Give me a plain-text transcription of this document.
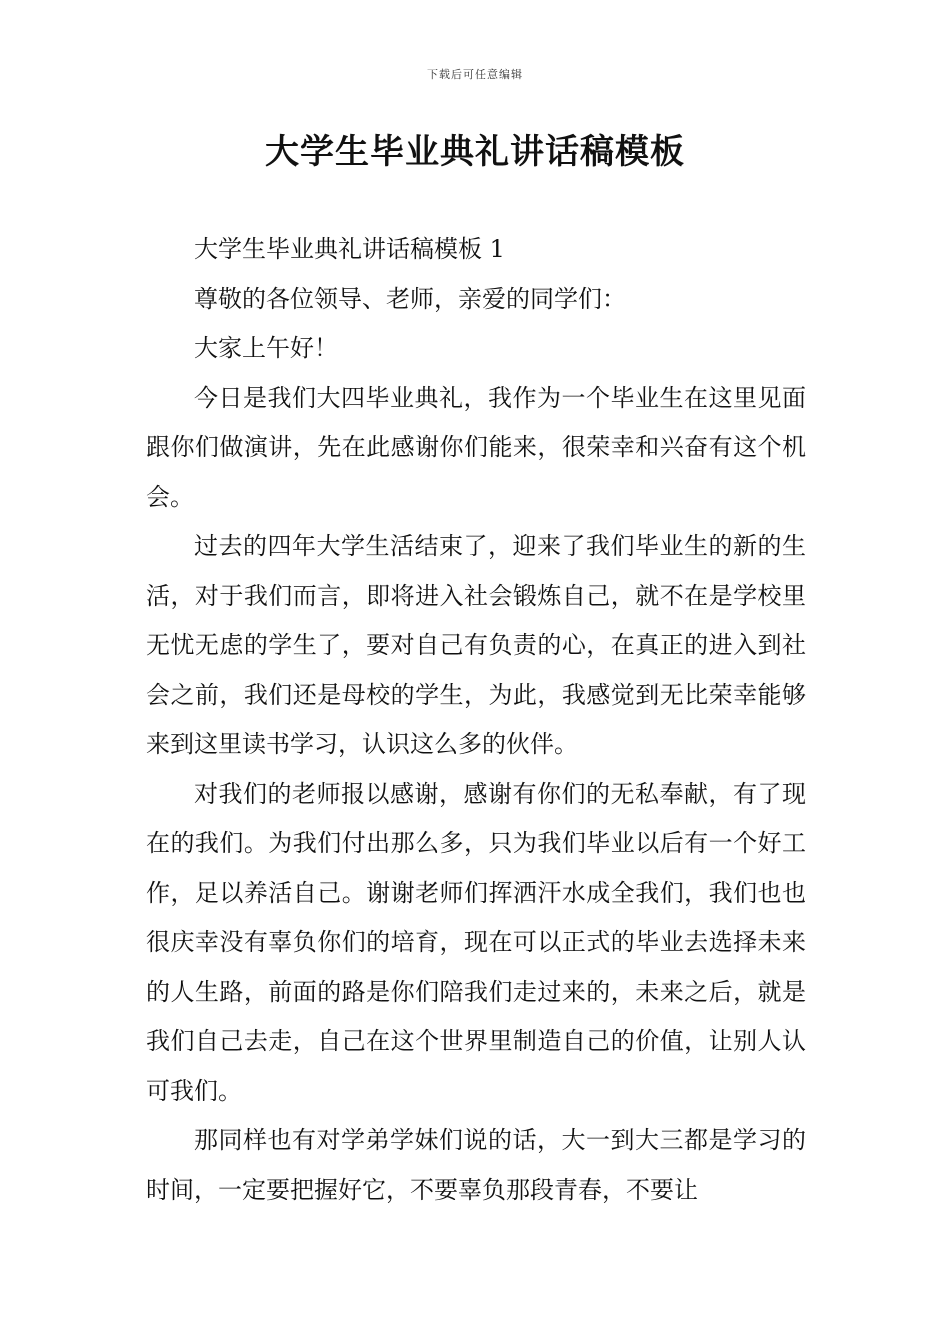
下载后可任意编辑
大学生毕业典礼讲话稿模板

大学生毕业典礼讲话稿模板 1

尊敬的各位领导、老师，亲爱的同学们：

大家上午好！

今日是我们大四毕业典礼，我作为一个毕业生在这里见面跟你们做演讲，先在此感谢你们能来，很荣幸和兴奋有这个机会。

过去的四年大学生活结束了，迎来了我们毕业生的新的生活，对于我们而言，即将进入社会锻炼自己，就不在是学校里无忧无虑的学生了，要对自己有负责的心，在真正的进入到社会之前，我们还是母校的学生，为此，我感觉到无比荣幸能够来到这里读书学习，认识这么多的伙伴。

对我们的老师报以感谢，感谢有你们的无私奉献，有了现在的我们。为我们付出那么多，只为我们毕业以后有一个好工作，足以养活自己。谢谢老师们挥洒汗水成全我们，我们也也很庆幸没有辜负你们的培育，现在可以正式的毕业去选择未来的人生路，前面的路是你们陪我们走过来的，未来之后，就是我们自己去走，自己在这个世界里制造自己的价值，让别人认可我们。

那同样也有对学弟学妹们说的话，大一到大三都是学习的时间，一定要把握好它，不要辜负那段青春，不要让
